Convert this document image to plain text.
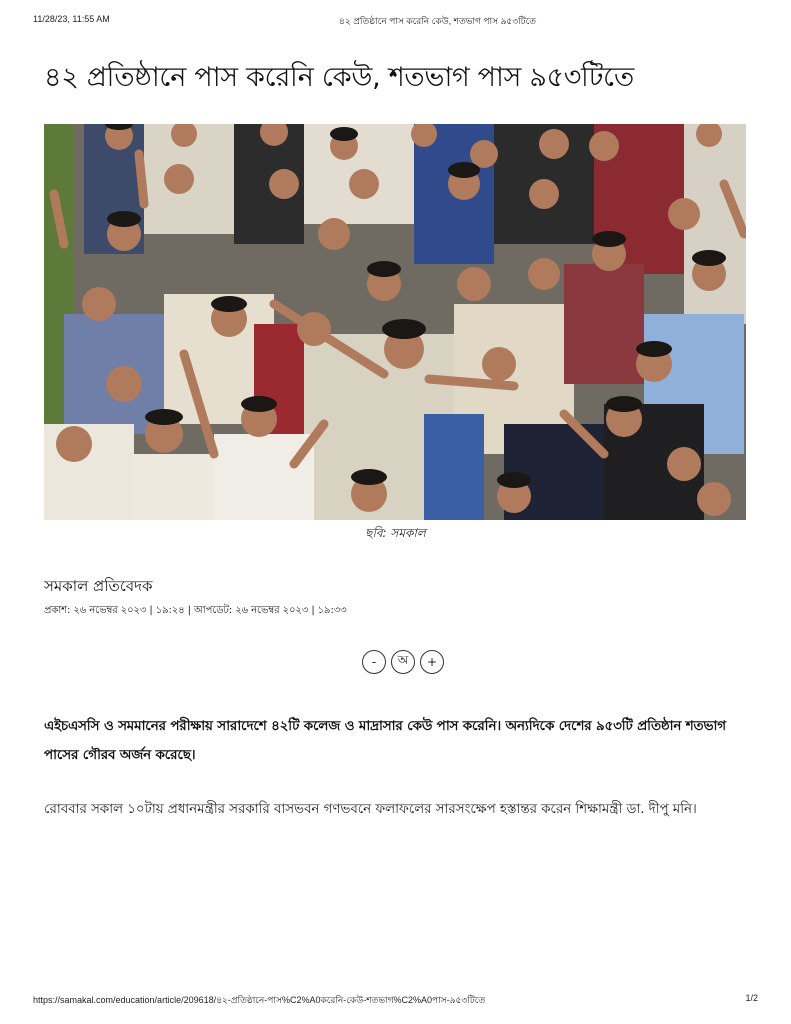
11/28/23, 11:55 AM	৪২ প্রতিষ্ঠানে পাস করেনি কেউ, শতভাগ পাস ৯৫৩টিতে
৪২ প্রতিষ্ঠানে পাস করেনি কেউ, শতভাগ পাস ৯৫৩টিতে
ছবি: সমকাল
সমকাল প্রতিবেদক
প্রকাশ: ২৬ নভেম্বর ২০২৩ | ১৯:২৪ | আপডেট: ২৬ নভেম্বর ২০২৩ | ১৯:৩৩
-	অ	+

এইচএসসি ও সমমানের পরীক্ষায় সারাদেশে ৪২টি কলেজ ও মাদ্রাসার কেউ পাস করেনি। অন্যদিকে দেশের ৯৫৩টি প্রতিষ্ঠান শতভাগ পাসের গৌরব অর্জন করেছে।

রোববার সকাল ১০টায় প্রধানমন্ত্রীর সরকারি বাসভবন গণভবনে ফলাফলের সারসংক্ষেপ হস্তান্তর করেন শিক্ষামন্ত্রী ডা. দীপু মনি।

https://samakal.com/education/article/209618/৪২-প্রতিষ্ঠানে-পাস%C2%A0করেনি-কেউ-শতভাগ%C2%A0পাস-৯৫৩টিতে	1/2
